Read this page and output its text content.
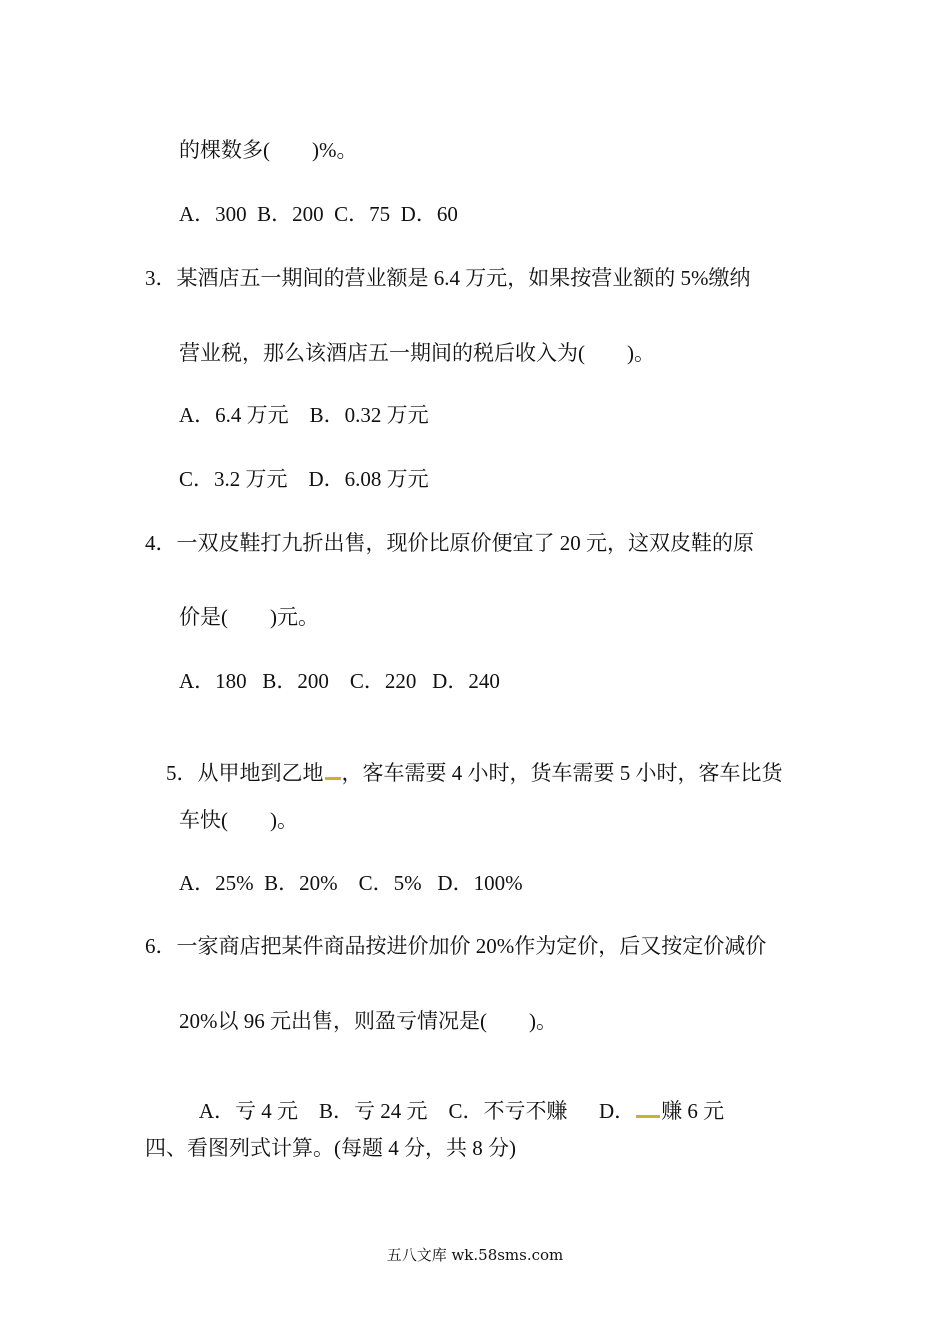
的棵数多(　　)%。
A．300  B．200  C．75  D．60
3．某酒店五一期间的营业额是 6.4 万元，如果按营业额的 5%缴纳
营业税，那么该酒店五一期间的税后收入为(　　)。
A．6.4 万元    B．0.32 万元
C．3.2 万元    D．6.08 万元
4．一双皮鞋打九折出售，现价比原价便宜了 20 元，这双皮鞋的原
价是(　　)元。
A．180   B．200    C．220   D．240

5．从甲地到乙地 ，客车需要 4 小时，货车需要 5 小时，客车比货

车快(　　)。
A．25%  B．20%    C．5%   D．100%
6．一家商店把某件商品按进价加价 20%作为定价，后又按定价减价
20%以 96 元出售，则盈亏情况是(　　)。

A．亏 4 元    B．亏 24 元    C．不亏不赚      D． 赚 6 元

四、看图列式计算。(每题 4 分，共 8 分)
五八文库 wk.58sms.com
